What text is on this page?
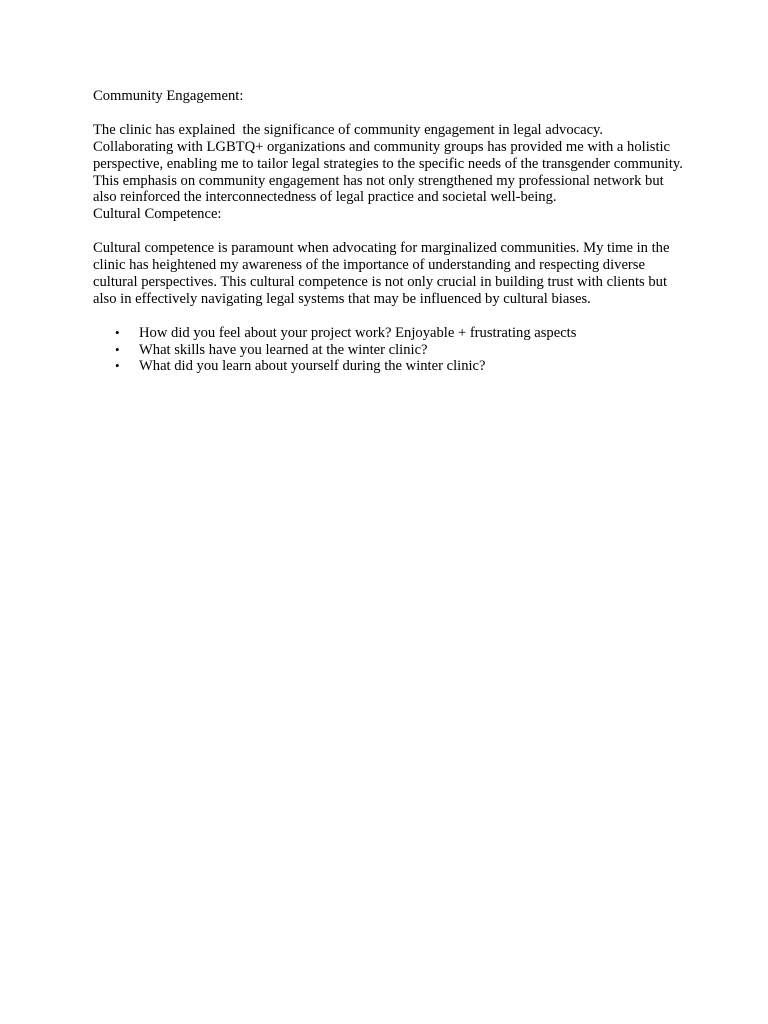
Community Engagement:

The clinic has explained  the significance of community engagement in legal advocacy. Collaborating with LGBTQ+ organizations and community groups has provided me with a holistic perspective, enabling me to tailor legal strategies to the specific needs of the transgender community. This emphasis on community engagement has not only strengthened my professional network but also reinforced the interconnectedness of legal practice and societal well-being.

Cultural Competence:

Cultural competence is paramount when advocating for marginalized communities. My time in the clinic has heightened my awareness of the importance of understanding and respecting diverse cultural perspectives. This cultural competence is not only crucial in building trust with clients but also in effectively navigating legal systems that may be influenced by cultural biases.

• How did you feel about your project work? Enjoyable + frustrating aspects
• What skills have you learned at the winter clinic?
• What did you learn about yourself during the winter clinic?
